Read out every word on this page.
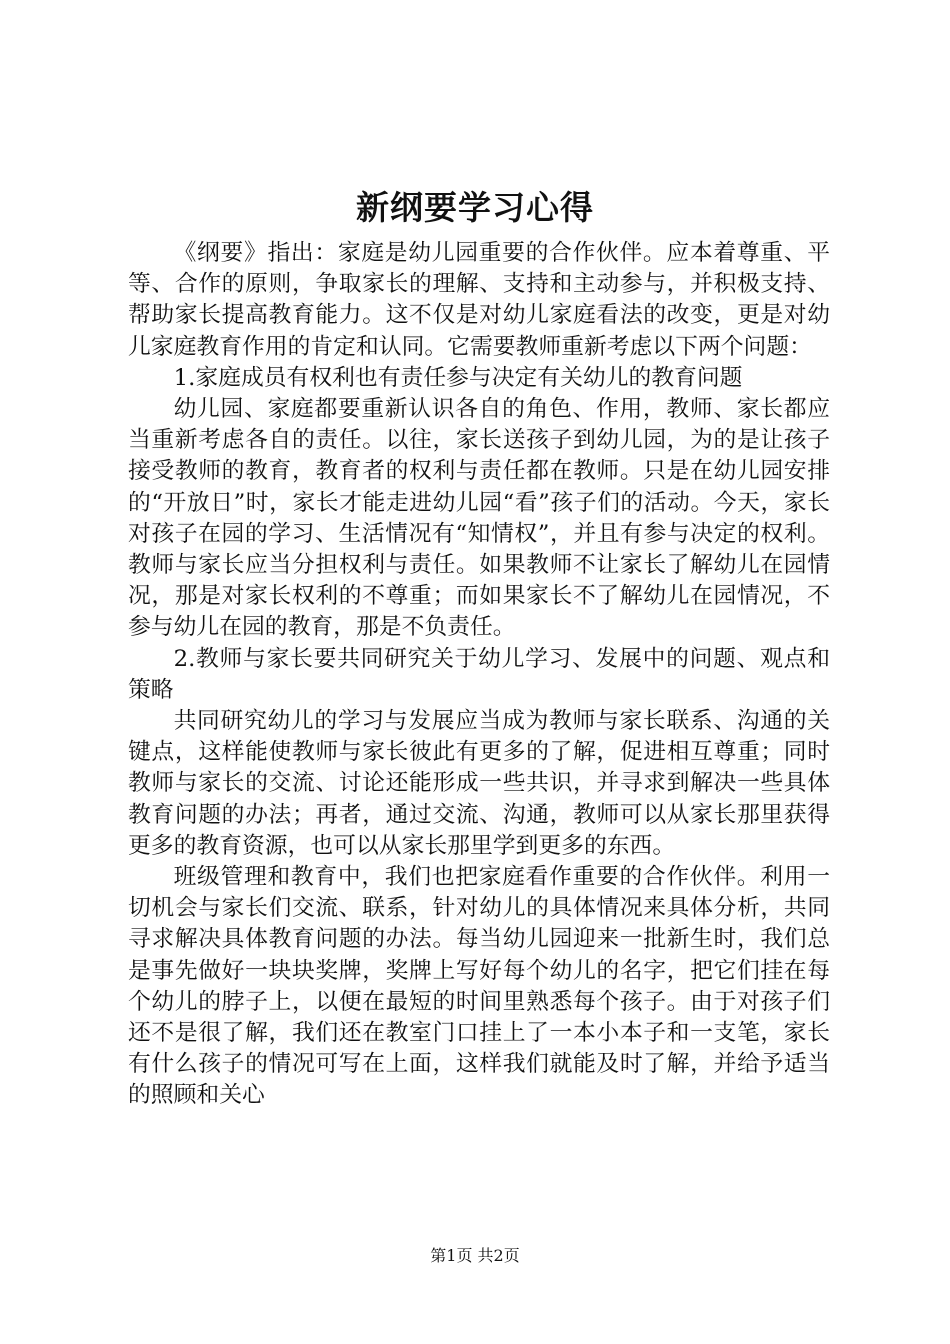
新纲要学习心得

《纲要》指出：家庭是幼儿园重要的合作伙伴。应本着尊重、平等、合作的原则，争取家长的理解、支持和主动参与，并积极支持、帮助家长提高教育能力。这不仅是对幼儿家庭看法的改变，更是对幼儿家庭教育作用的肯定和认同。它需要教师重新考虑以下两个问题：

1.家庭成员有权利也有责任参与决定有关幼儿的教育问题

幼儿园、家庭都要重新认识各自的角色、作用，教师、家长都应当重新考虑各自的责任。以往，家长送孩子到幼儿园，为的是让孩子接受教师的教育，教育者的权利与责任都在教师。只是在幼儿园安排的“开放日”时，家长才能走进幼儿园“看”孩子们的活动。今天，家长对孩子在园的学习、生活情况有“知情权”，并且有参与决定的权利。教师与家长应当分担权利与责任。如果教师不让家长了解幼儿在园情况，那是对家长权利的不尊重；而如果家长不了解幼儿在园情况，不参与幼儿在园的教育，那是不负责任。

2.教师与家长要共同研究关于幼儿学习、发展中的问题、观点和策略

共同研究幼儿的学习与发展应当成为教师与家长联系、沟通的关键点，这样能使教师与家长彼此有更多的了解，促进相互尊重；同时教师与家长的交流、讨论还能形成一些共识，并寻求到解决一些具体教育问题的办法；再者，通过交流、沟通，教师可以从家长那里获得更多的教育资源，也可以从家长那里学到更多的东西。

班级管理和教育中，我们也把家庭看作重要的合作伙伴。利用一切机会与家长们交流、联系，针对幼儿的具体情况来具体分析，共同寻求解决具体教育问题的办法。每当幼儿园迎来一批新生时，我们总是事先做好一块块奖牌，奖牌上写好每个幼儿的名字，把它们挂在每个幼儿的脖子上，以便在最短的时间里熟悉每个孩子。由于对孩子们还不是很了解，我们还在教室门口挂上了一本小本子和一支笔，家长有什么孩子的情况可写在上面，这样我们就能及时了解，并给予适当的照顾和关心

第1页 共2页
